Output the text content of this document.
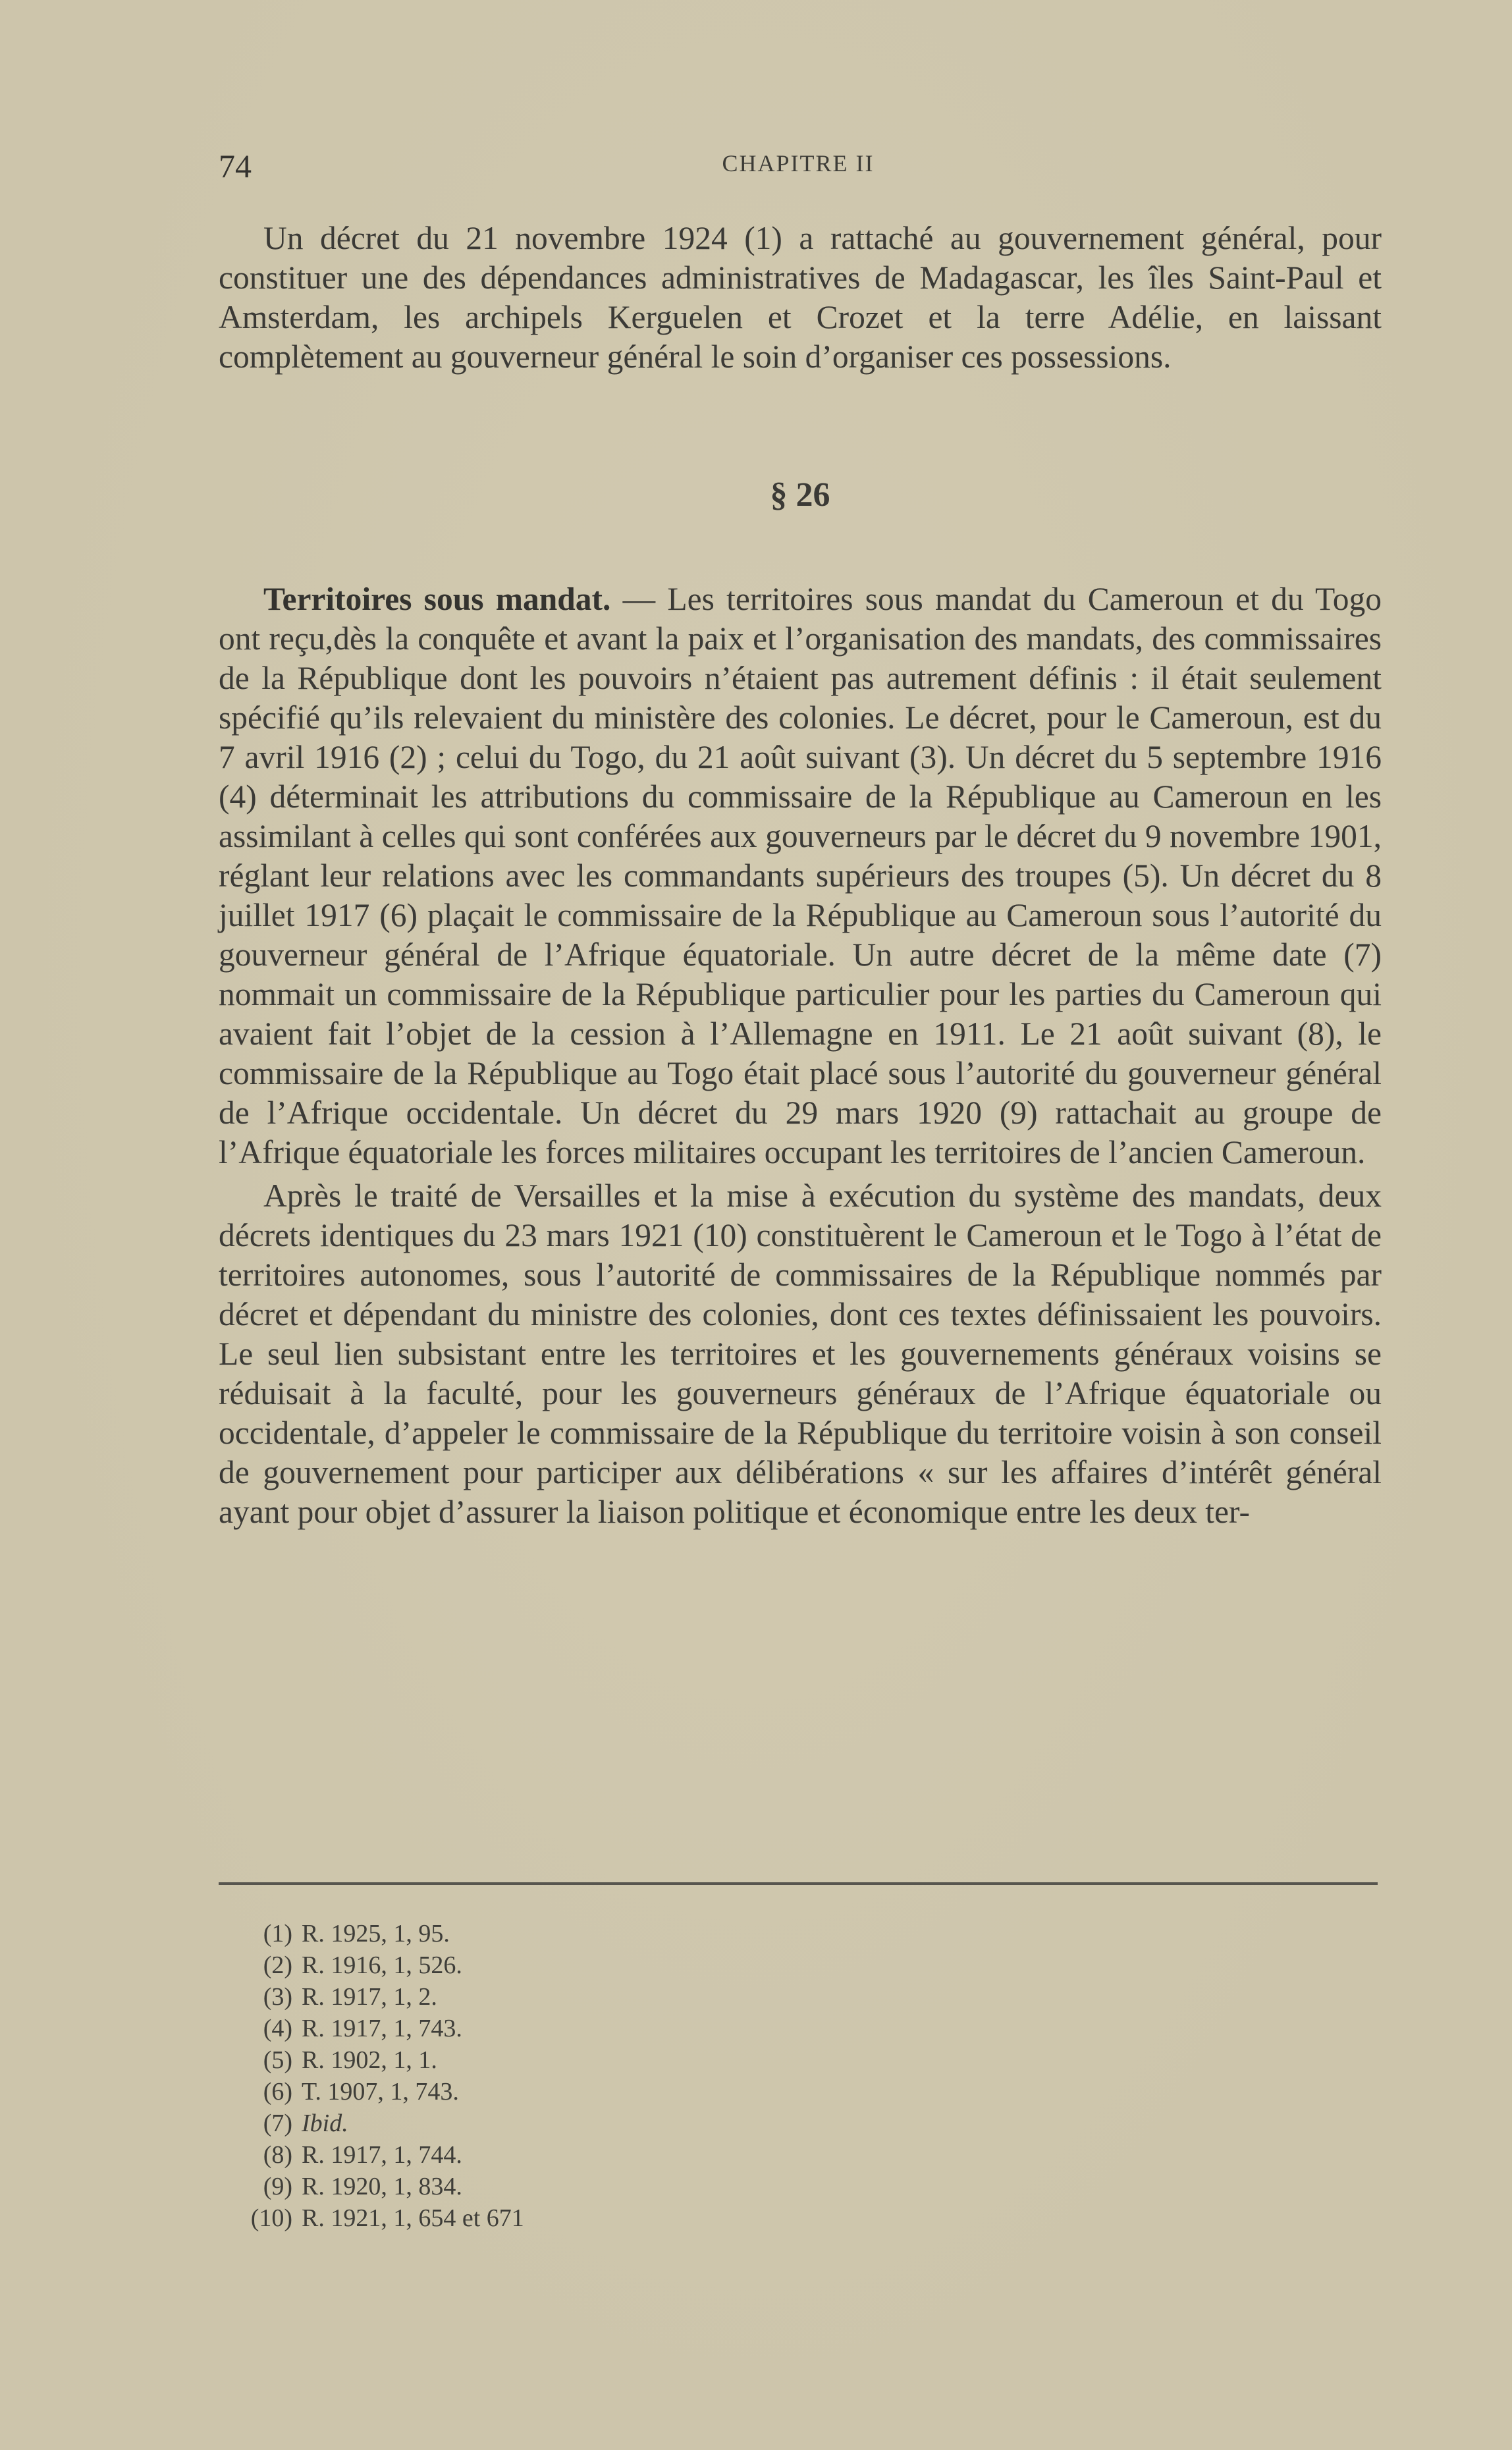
74	CHAPITRE II

Un décret du 21 novembre 1924 (1) a rattaché au gouvernement général, pour constituer une des dépendances administratives de Madagascar, les îles Saint-Paul et Amsterdam, les archipels Kerguelen et Crozet et la terre Adélie, en laissant complètement au gouverneur général le soin d’organiser ces possessions.

§ 26

Territoires sous mandat. — Les territoires sous mandat du Cameroun et du Togo ont reçu,dès la conquête et avant la paix et l’organisation des mandats, des commissaires de la République dont les pouvoirs n’étaient pas autrement définis : il était seulement spécifié qu’ils relevaient du ministère des colonies. Le décret, pour le Cameroun, est du 7 avril 1916 (2) ; celui du Togo, du 21 août suivant (3). Un décret du 5 septembre 1916 (4) déterminait les attributions du commissaire de la République au Cameroun en les assimilant à celles qui sont conférées aux gouverneurs par le décret du 9 novembre 1901, réglant leur relations avec les commandants supérieurs des troupes (5). Un décret du 8 juillet 1917 (6) plaçait le commissaire de la République au Cameroun sous l’autorité du gouverneur général de l’Afrique équatoriale. Un autre décret de la même date (7) nommait un commissaire de la République particulier pour les parties du Cameroun qui avaient fait l’objet de la cession à l’Allemagne en 1911. Le 21 août suivant (8), le commissaire de la République au Togo était placé sous l’autorité du gouverneur général de l’Afrique occidentale. Un décret du 29 mars 1920 (9) rattachait au groupe de l’Afrique équatoriale les forces militaires occupant les territoires de l’ancien Cameroun.

Après le traité de Versailles et la mise à exécution du système des mandats, deux décrets identiques du 23 mars 1921 (10) constituèrent le Cameroun et le Togo à l’état de territoires autonomes, sous l’autorité de commissaires de la République nommés par décret et dépendant du ministre des colonies, dont ces textes définissaient les pouvoirs. Le seul lien subsistant entre les territoires et les gouvernements généraux voisins se réduisait à la faculté, pour les gouverneurs généraux de l’Afrique équatoriale ou occidentale, d’appeler le commissaire de la République du territoire voisin à son conseil de gouvernement pour participer aux délibérations « sur les affaires d’intérêt général ayant pour objet d’assurer la liaison politique et économique entre les deux ter-

(1) R. 1925, 1, 95.
(2) R. 1916, 1, 526.
(3) R. 1917, 1, 2.
(4) R. 1917, 1, 743.
(5) R. 1902, 1, 1.
(6) T. 1907, 1, 743.
(7) Ibid.
(8) R. 1917, 1, 744.
(9) R. 1920, 1, 834.
(10) R. 1921, 1, 654 et 671
